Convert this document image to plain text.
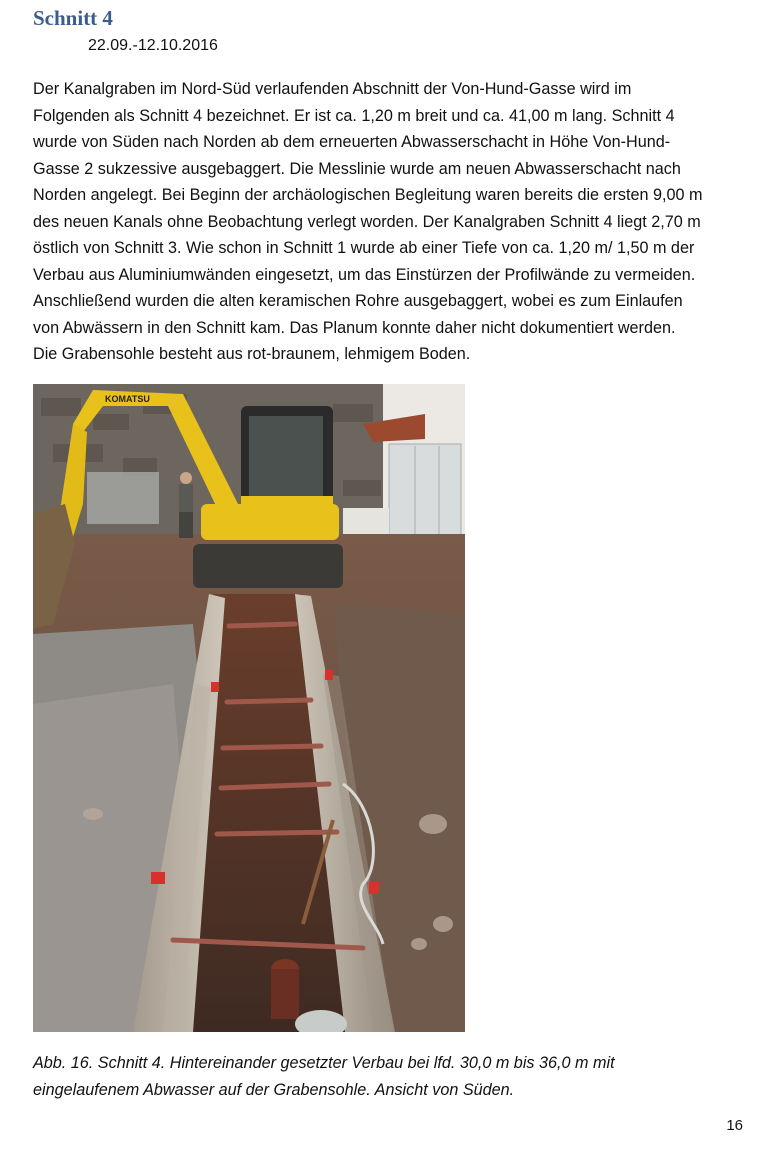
Schnitt 4
22.09.-12.10.2016
Der Kanalgraben im Nord-Süd verlaufenden Abschnitt der Von-Hund-Gasse wird im
Folgenden als Schnitt 4 bezeichnet. Er ist ca. 1,20 m breit und ca. 41,00 m lang. Schnitt 4
wurde von Süden nach Norden ab dem erneuerten Abwasserschacht in Höhe Von-Hund-
Gasse 2 sukzessive ausgebaggert. Die Messlinie wurde am neuen Abwasserschacht nach
Norden angelegt. Bei Beginn der archäologischen Begleitung waren bereits die ersten 9,00 m
des neuen Kanals ohne Beobachtung verlegt worden. Der Kanalgraben Schnitt 4 liegt 2,70 m
östlich von Schnitt 3. Wie schon in Schnitt 1 wurde ab einer Tiefe von ca. 1,20 m/ 1,50 m der
Verbau aus Aluminiumwänden eingesetzt, um das Einstürzen der Profilwände zu vermeiden.
Anschließend wurden die alten keramischen Rohre ausgebaggert, wobei es zum Einlaufen
von Abwässern in den Schnitt kam. Das Planum konnte daher nicht dokumentiert werden.
Die Grabensohle besteht aus rot-braunem, lehmigem Boden.
KOMATSU
Abb. 16. Schnitt 4. Hintereinander gesetzter Verbau bei lfd. 30,0 m bis 36,0 m mit
eingelaufenem Abwasser auf der Grabensohle. Ansicht von Süden.
16
